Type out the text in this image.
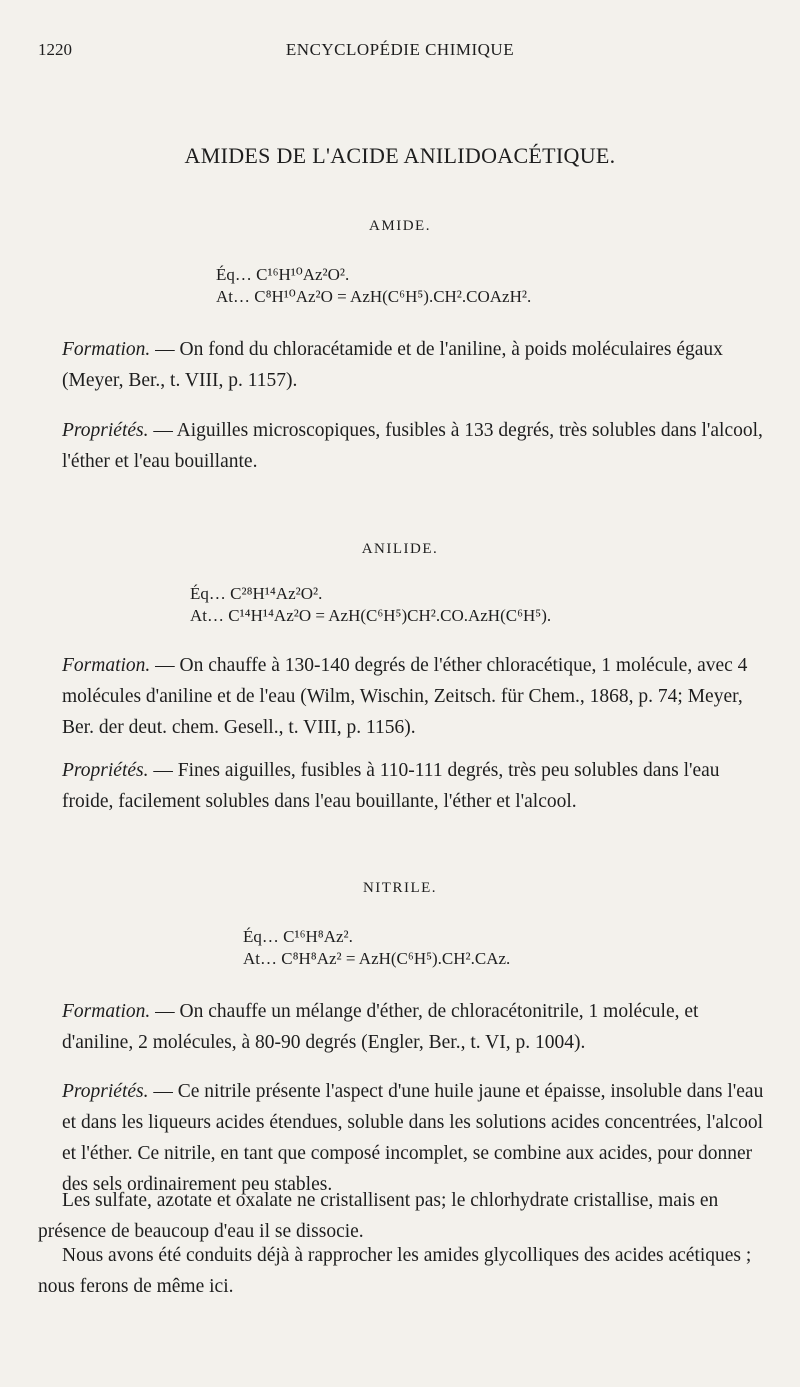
1220	ENCYCLOPÉDIE CHIMIQUE
AMIDES DE L'ACIDE ANILIDOACÉTIQUE.
AMIDE.
Éq… C¹⁶H¹⁰Az²O².
At… C⁸H¹⁰Az²O = AzH(C⁶H⁵).CH².COAzH².
Formation. — On fond du chloracétamide et de l'aniline, à poids moléculaires égaux (Meyer, Ber., t. VIII, p. 1157).
Propriétés. — Aiguilles microscopiques, fusibles à 133 degrés, très solubles dans l'alcool, l'éther et l'eau bouillante.
ANILIDE.
Éq… C²⁸H¹⁴Az²O².
At… C¹⁴H¹⁴Az²O = AzH(C⁶H⁵)CH².CO.AzH(C⁶H⁵).
Formation. — On chauffe à 130-140 degrés de l'éther chloracétique, 1 molécule, avec 4 molécules d'aniline et de l'eau (Wilm, Wischin, Zeitsch. für Chem., 1868, p. 74; Meyer, Ber. der deut. chem. Gesell., t. VIII, p. 1156).
Propriétés. — Fines aiguilles, fusibles à 110-111 degrés, très peu solubles dans l'eau froide, facilement solubles dans l'eau bouillante, l'éther et l'alcool.
NITRILE.
Éq… C¹⁶H⁸Az².
At… C⁸H⁸Az² = AzH(C⁶H⁵).CH².CAz.
Formation. — On chauffe un mélange d'éther, de chloracétonitrile, 1 molécule, et d'aniline, 2 molécules, à 80-90 degrés (Engler, Ber., t. VI, p. 1004).
Propriétés. — Ce nitrile présente l'aspect d'une huile jaune et épaisse, insoluble dans l'eau et dans les liqueurs acides étendues, soluble dans les solutions acides concentrées, l'alcool et l'éther. Ce nitrile, en tant que composé incomplet, se combine aux acides, pour donner des sels ordinairement peu stables.
Les sulfate, azotate et oxalate ne cristallisent pas; le chlorhydrate cristallise, mais en présence de beaucoup d'eau il se dissocie.
Nous avons été conduits déjà à rapprocher les amides glycolliques des acides acétiques ; nous ferons de même ici.
